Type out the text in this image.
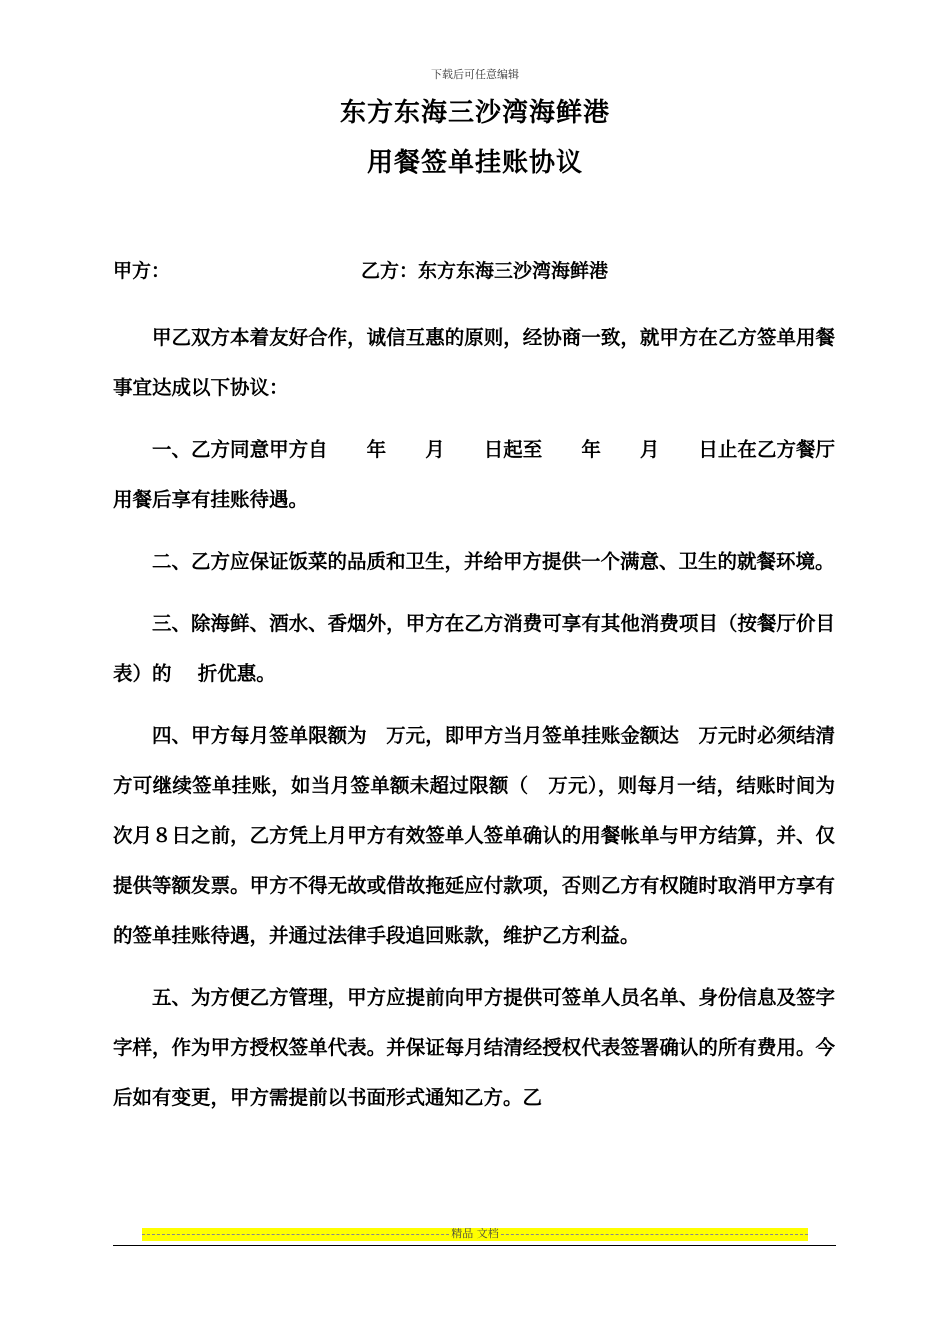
下载后可任意编辑
东方东海三沙湾海鲜港
用餐签单挂账协议
甲方：	乙方：东方东海三沙湾海鲜港

甲乙双方本着友好合作，诚信互惠的原则，经协商一致，就甲方在乙方签单用餐事宜达成以下协议：

一、乙方同意甲方自　　年　　月　　日起至　　年　　月　　日止在乙方餐厅用餐后享有挂账待遇。

二、乙方应保证饭菜的品质和卫生，并给甲方提供一个满意、卫生的就餐环境。

三、除海鲜、酒水、香烟外，甲方在乙方消费可享有其他消费项目（按餐厅价目表）的　 折优惠。

四、甲方每月签单限额为　万元，即甲方当月签单挂账金额达　万元时必须结清方可继续签单挂账，如当月签单额未超过限额（　万元），则每月一结，结账时间为次月８日之前，乙方凭上月甲方有效签单人签单确认的用餐帐单与甲方结算，并、仅提供等额发票。甲方不得无故或借故拖延应付款项，否则乙方有权随时取消甲方享有的签单挂账待遇，并通过法律手段追回账款，维护乙方利益。

五、为方便乙方管理，甲方应提前向甲方提供可签单人员名单、身份信息及签字字样，作为甲方授权签单代表。并保证每月结清经授权代表签署确认的所有费用。今后如有变更，甲方需提前以书面形式通知乙方。乙

精品 文档
